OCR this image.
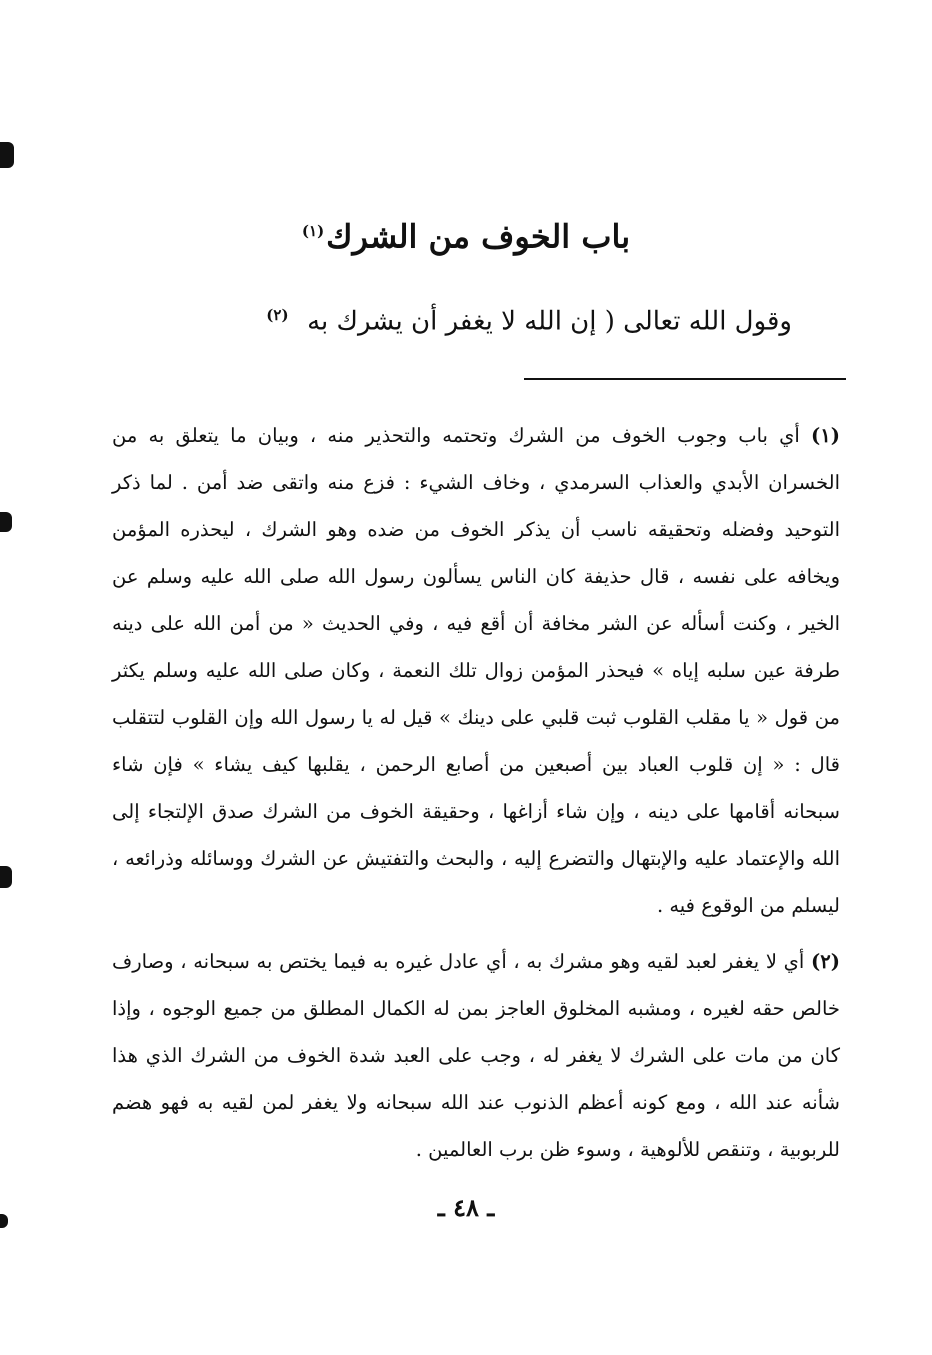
باب الخوف من الشرك$^{(١)}$
وقول الله تعالى ( إن الله لا يغفر أن يشرك به  $^{(٢)}$

(١) أي باب وجوب الخوف من الشرك وتحتمه والتحذير منه ، وبيان ما يتعلق به من الخسران الأبدي والعذاب السرمدي ، وخاف الشيء : فزع منه واتقى ضد أمن . لما ذكر التوحيد وفضله وتحقيقه ناسب أن يذكر الخوف من ضده وهو الشرك ، ليحذره المؤمن ويخافه على نفسه ، قال حذيفة كان الناس يسألون رسول الله صلى الله عليه وسلم عن الخير ، وكنت أسأله عن الشر مخافة أن أقع فيه ، وفي الحديث « من أمن الله على دينه طرفة عين سلبه إياه » فيحذر المؤمن زوال تلك النعمة ، وكان صلى الله عليه وسلم يكثر من قول « يا مقلب القلوب ثبت قلبي على دينك » قيل له يا رسول الله وإن القلوب لتتقلب قال : « إن قلوب العباد بين أصبعين من أصابع الرحمن ، يقلبها كيف يشاء » فإن شاء سبحانه أقامها على دينه ، وإن شاء أزاغها ، وحقيقة الخوف من الشرك صدق الإلتجاء إلى الله والإعتماد عليه والإبتهال والتضرع إليه ، والبحث والتفتيش عن الشرك ووسائله وذرائعه ، ليسلم من الوقوع فيه .

(٢) أي لا يغفر لعبد لقيه وهو مشرك به ، أي عادل غيره به فيما يختص به سبحانه ، وصارف خالص حقه لغيره ، ومشبه المخلوق العاجز بمن له الكمال المطلق من جميع الوجوه ، وإذا كان من مات على الشرك لا يغفر له ، وجب على العبد شدة الخوف من الشرك الذي هذا شأنه عند الله ، ومع كونه أعظم الذنوب عند الله سبحانه ولا يغفر لمن لقيه به فهو هضم للربوبية ، وتنقص للألوهية ، وسوء ظن برب العالمين .

ـ ٤٨ ـ
